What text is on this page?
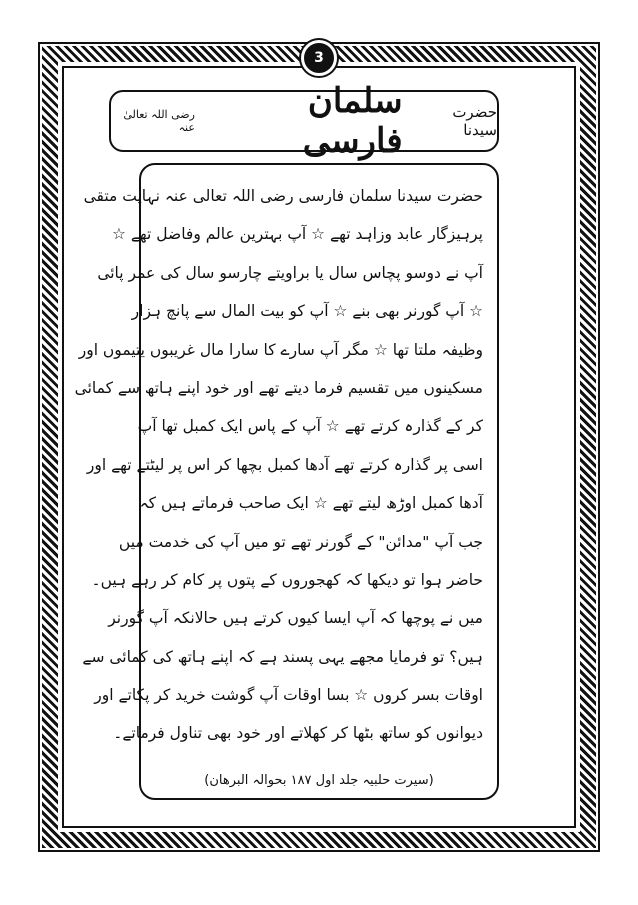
3
حضرت سیدنا
سلمان فارسی
رضی اللہ تعالیٰ عنہ
حضرت سیدنا سلمان فارسی رضی اللہ تعالی عنہ نہایت متقی
پرہیزگار عابد وزاہد تھے ☆ آپ بہترین عالم وفاضل تھے ☆
آپ نے دوسو پچاس سال یا براویتے چارسو سال کی عمر پائی
☆ آپ گورنر بھی بنے ☆ آپ کو بیت المال سے پانچ ہزار
وظیفہ ملتا تھا ☆ مگر آپ سارے کا سارا مال غریبوں یتیموں اور
مسکینوں میں تقسیم فرما دیتے تھے اور خود اپنے ہاتھ سے کمائی
کر کے گذارہ کرتے تھے ☆ آپ کے پاس ایک کمبل تھا آپ
اسی پر گذارہ کرتے تھے آدھا کمبل بچھا کر اس پر لیٹتے تھے اور
آدھا کمبل اوڑھ لیتے تھے ☆ ایک صاحب فرماتے ہیں کہ
جب آپ "مدائن" کے گورنر تھے تو میں آپ کی خدمت میں
حاضر ہوا تو دیکھا کہ کھجوروں کے پتوں پر کام کر رہے ہیں۔
میں نے پوچھا کہ آپ ایسا کیوں کرتے ہیں حالانکہ آپ گورنر
ہیں؟ تو فرمایا مجھے یہی پسند ہے کہ اپنے ہاتھ کی کمائی سے
اوقات بسر کروں ☆ بسا اوقات آپ گوشت خرید کر پکاتے اور
دیوانوں کو ساتھ بٹھا کر کھلاتے اور خود بھی تناول فرماتے۔
(سیرت حلبیہ جلد اول ۱۸۷ بحوالہ البرھان)
